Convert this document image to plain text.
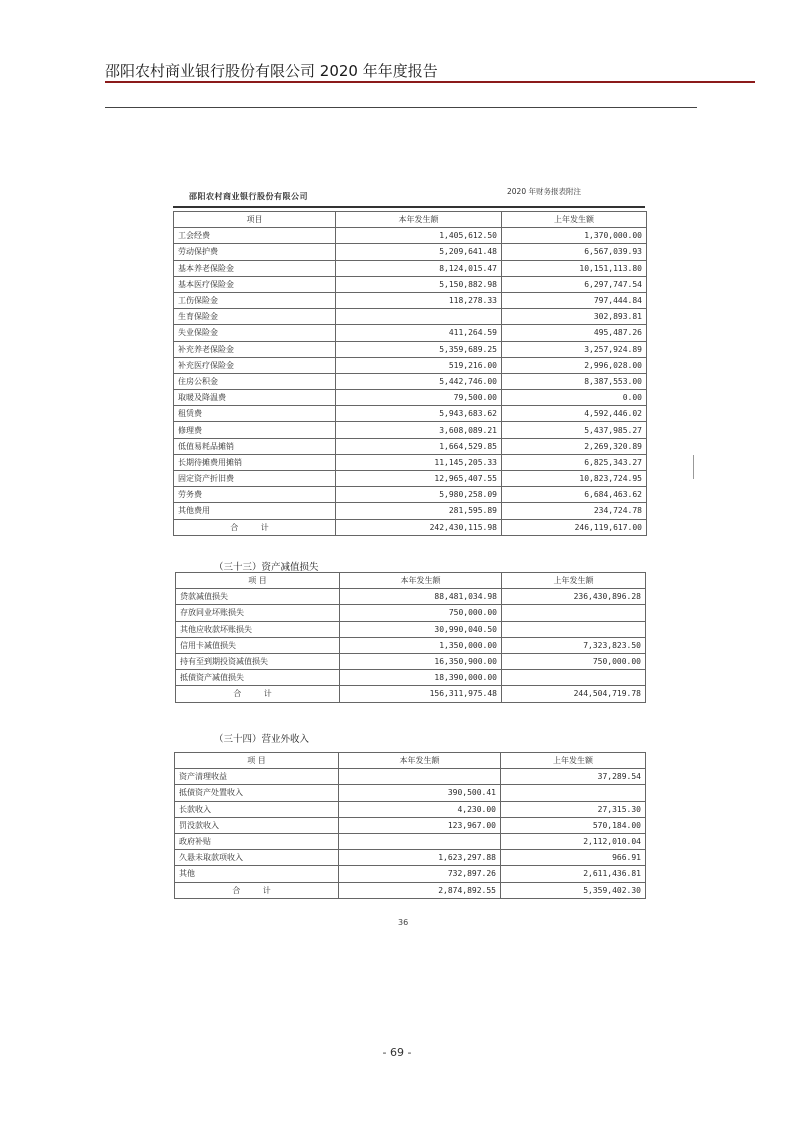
邵阳农村商业银行股份有限公司 2020 年年度报告
邵阳农村商业银行股份有限公司
2020 年财务报表附注
项目	本年发生额	上年发生额
工会经费	1,405,612.50	1,370,000.00
劳动保护费	5,209,641.48	6,567,039.93
基本养老保险金	8,124,015.47	10,151,113.80
基本医疗保险金	5,150,882.98	6,297,747.54
工伤保险金	118,278.33	797,444.84
生育保险金		302,893.81
失业保险金	411,264.59	495,487.26
补充养老保险金	5,359,689.25	3,257,924.89
补充医疗保险金	519,216.00	2,996,028.00
住房公积金	5,442,746.00	8,387,553.00
取暖及降温费	79,500.00	0.00
租赁费	5,943,683.62	4,592,446.02
修理费	3,608,089.21	5,437,985.27
低值易耗品摊销	1,664,529.85	2,269,320.89
长期待摊费用摊销	11,145,205.33	6,825,343.27
固定资产折旧费	12,965,407.55	10,823,724.95
劳务费	5,980,258.09	6,684,463.62
其他费用	281,595.89	234,724.78
合 计	242,430,115.98	246,119,617.00
（三十三）资产减值损失
项 目	本年发生额	上年发生额
贷款减值损失	88,481,034.98	236,430,896.28
存放同业坏账损失	750,000.00	
其他应收款坏账损失	30,990,040.50	
信用卡减值损失	1,350,000.00	7,323,823.50
持有至到期投资减值损失	16,350,900.00	750,000.00
抵债资产减值损失	18,390,000.00	
合 计	156,311,975.48	244,504,719.78
（三十四）营业外收入
项 目	本年发生额	上年发生额
资产清理收益		37,289.54
抵债资产处置收入	390,500.41	
长款收入	4,230.00	27,315.30
罚没款收入	123,967.00	570,184.00
政府补贴		2,112,010.04
久悬未取款项收入	1,623,297.88	966.91
其他	732,897.26	2,611,436.81
合 计	2,874,892.55	5,359,402.30
36
- 69 -
